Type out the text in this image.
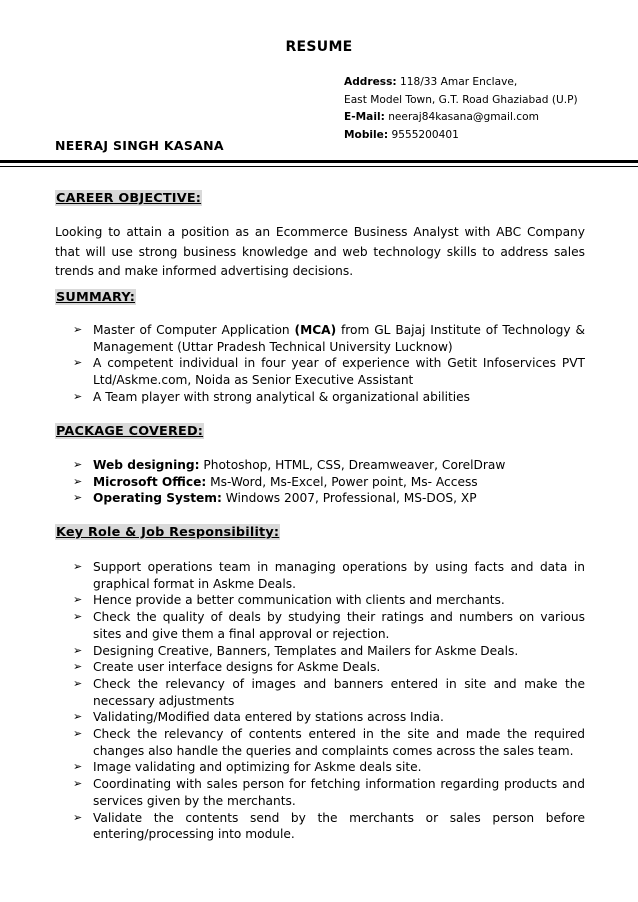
RESUME
Address: 118/33 Amar Enclave,
East Model Town, G.T. Road Ghaziabad (U.P)
E-Mail: neeraj84kasana@gmail.com
Mobile: 9555200401
NEERAJ SINGH KASANA
CAREER OBJECTIVE:
Looking to attain a position as an Ecommerce Business Analyst with ABC Company that will use strong business knowledge and web technology skills to address sales trends and make informed advertising decisions.
SUMMARY:
➢ Master of Computer Application (MCA) from GL Bajaj Institute of Technology & Management (Uttar Pradesh Technical University Lucknow)
➢ A competent individual in four year of experience with Getit Infoservices PVT Ltd/Askme.com, Noida as Senior Executive Assistant
➢ A Team player with strong analytical & organizational abilities
PACKAGE COVERED:
➢ Web designing: Photoshop, HTML, CSS, Dreamweaver, CorelDraw
➢ Microsoft Office: Ms-Word, Ms-Excel, Power point, Ms- Access
➢ Operating System: Windows 2007, Professional, MS-DOS, XP
Key Role & Job Responsibility:
➢ Support operations team in managing operations by using facts and data in graphical format in Askme Deals.
➢ Hence provide a better communication with clients and merchants.
➢ Check the quality of deals by studying their ratings and numbers on various sites and give them a final approval or rejection.
➢ Designing Creative, Banners, Templates and Mailers for Askme Deals.
➢ Create user interface designs for Askme Deals.
➢ Check the relevancy of images and banners entered in site and make the necessary adjustments
➢ Validating/Modified data entered by stations across India.
➢ Check the relevancy of contents entered in the site and made the required changes also handle the queries and complaints comes across the sales team.
➢ Image validating and optimizing for Askme deals site.
➢ Coordinating with sales person for fetching information regarding products and services given by the merchants.
➢ Validate the contents send by the merchants or sales person before entering/processing into module.
